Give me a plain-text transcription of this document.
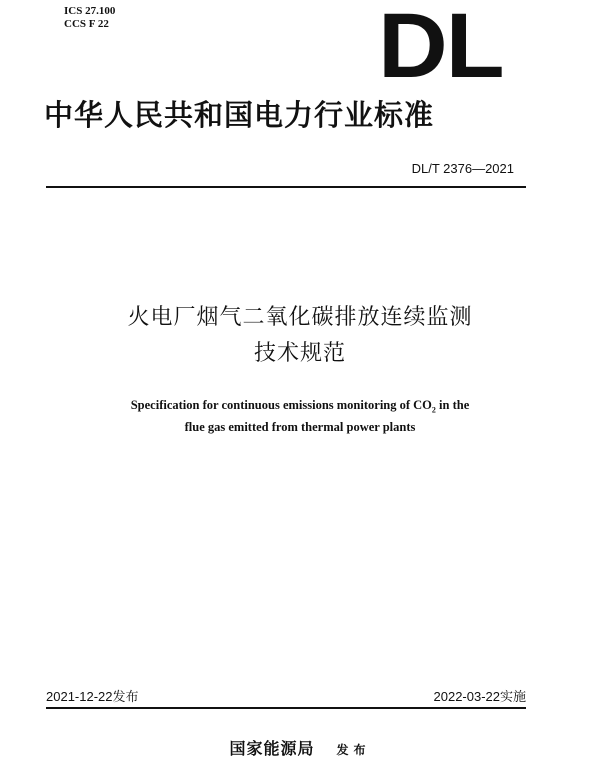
ICS 27.100
CCS F 22	DL
中华人民共和国电力行业标准
DL/T 2376—2021
火电厂烟气二氧化碳排放连续监测
技术规范
Specification for continuous emissions monitoring of $CO_2$ in the
flue gas emitted from thermal power plants
2021-12-22发布	2022-03-22实施
国家能源局 发布
